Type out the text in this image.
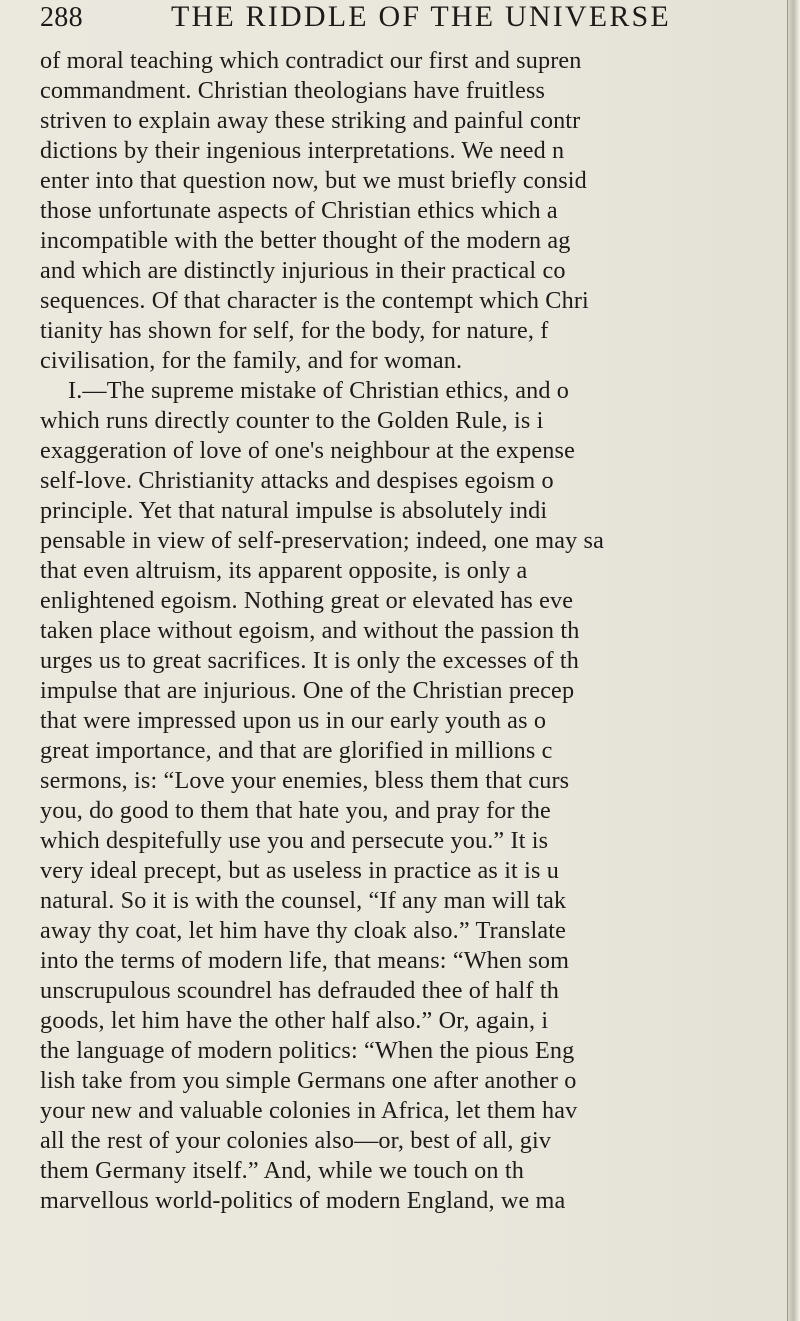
288	THE RIDDLE OF THE UNIVERSE
of moral teaching which contradict our first and supren
commandment. Christian theologians have fruitless
striven to explain away these striking and painful contr
dictions by their ingenious interpretations. We need n
enter into that question now, but we must briefly consid
those unfortunate aspects of Christian ethics which a
incompatible with the better thought of the modern ag
and which are distinctly injurious in their practical co
sequences. Of that character is the contempt which Chri
tianity has shown for self, for the body, for nature, f
civilisation, for the family, and for woman.
I.—The supreme mistake of Christian ethics, and o
which runs directly counter to the Golden Rule, is i
exaggeration of love of one's neighbour at the expense
self-love. Christianity attacks and despises egoism o
principle. Yet that natural impulse is absolutely indi
pensable in view of self-preservation; indeed, one may sa
that even altruism, its apparent opposite, is only a
enlightened egoism. Nothing great or elevated has eve
taken place without egoism, and without the passion th
urges us to great sacrifices. It is only the excesses of th
impulse that are injurious. One of the Christian precep
that were impressed upon us in our early youth as o
great importance, and that are glorified in millions c
sermons, is: “Love your enemies, bless them that curs
you, do good to them that hate you, and pray for the
which despitefully use you and persecute you.” It is
very ideal precept, but as useless in practice as it is u
natural. So it is with the counsel, “If any man will tak
away thy coat, let him have thy cloak also.” Translate
into the terms of modern life, that means: “When som
unscrupulous scoundrel has defrauded thee of half th
goods, let him have the other half also.” Or, again, i
the language of modern politics: “When the pious Eng
lish take from you simple Germans one after another o
your new and valuable colonies in Africa, let them hav
all the rest of your colonies also—or, best of all, giv
them Germany itself.” And, while we touch on th
marvellous world-politics of modern England, we ma
